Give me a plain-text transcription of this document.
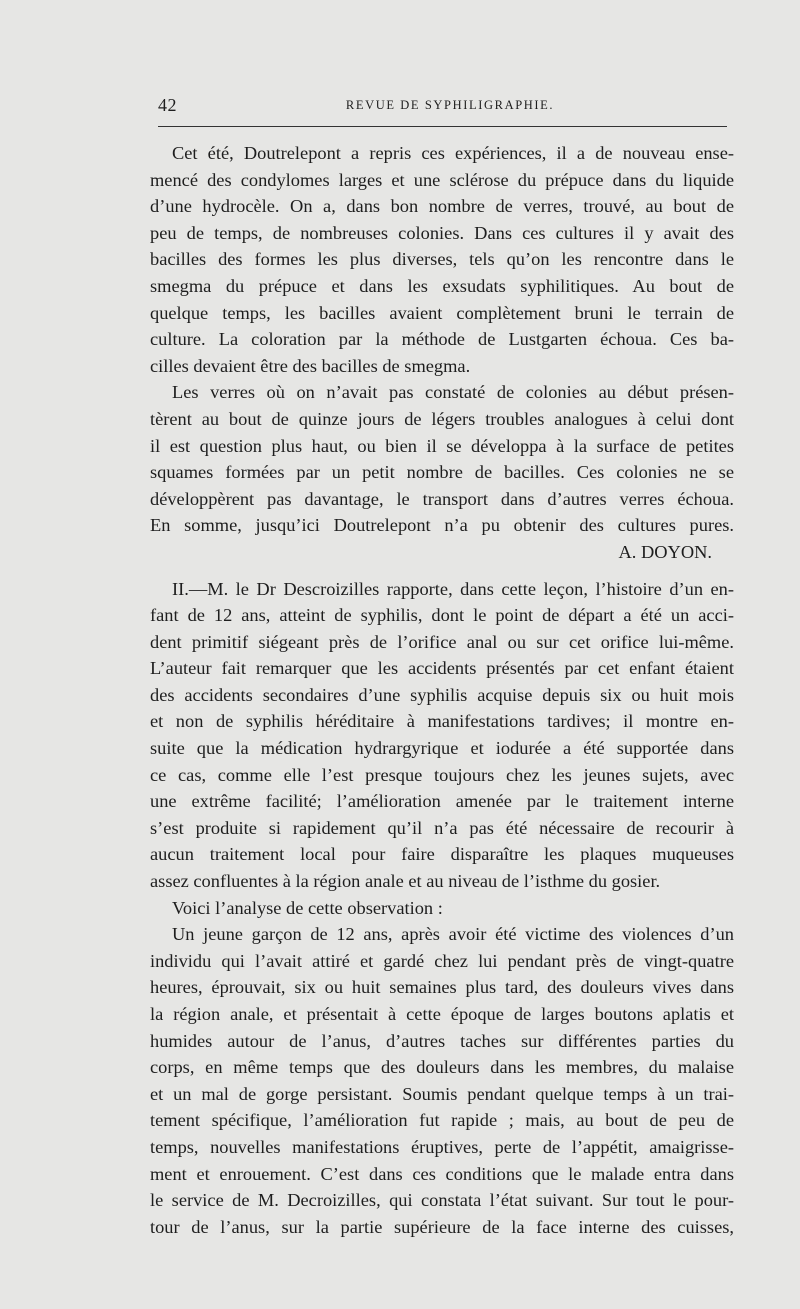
42	REVUE DE SYPHILIGRAPHIE.
Cet été, Doutrelepont a repris ces expériences, il a de nouveau ense-
mencé des condylomes larges et une sclérose du prépuce dans du liquide
d’une hydrocèle. On a, dans bon nombre de verres, trouvé, au bout de
peu de temps, de nombreuses colonies. Dans ces cultures il y avait des
bacilles des formes les plus diverses, tels qu’on les rencontre dans le
smegma du prépuce et dans les exsudats syphilitiques. Au bout de
quelque temps, les bacilles avaient complètement bruni le terrain de
culture. La coloration par la méthode de Lustgarten échoua. Ces ba-
cilles devaient être des bacilles de smegma.
Les verres où on n’avait pas constaté de colonies au début présen-
tèrent au bout de quinze jours de légers troubles analogues à celui dont
il est question plus haut, ou bien il se développa à la surface de petites
squames formées par un petit nombre de bacilles. Ces colonies ne se
développèrent pas davantage, le transport dans d’autres verres échoua.
En somme, jusqu’ici Doutrelepont n’a pu obtenir des cultures pures.
A. DOYON.
II.—M. le Dr Descroizilles rapporte, dans cette leçon, l’histoire d’un en-
fant de 12 ans, atteint de syphilis, dont le point de départ a été un acci-
dent primitif siégeant près de l’orifice anal ou sur cet orifice lui-même.
L’auteur fait remarquer que les accidents présentés par cet enfant étaient
des accidents secondaires d’une syphilis acquise depuis six ou huit mois
et non de syphilis héréditaire à manifestations tardives; il montre en-
suite que la médication hydrargyrique et iodurée a été supportée dans
ce cas, comme elle l’est presque toujours chez les jeunes sujets, avec
une extrême facilité; l’amélioration amenée par le traitement interne
s’est produite si rapidement qu’il n’a pas été nécessaire de recourir à
aucun traitement local pour faire disparaître les plaques muqueuses
assez confluentes à la région anale et au niveau de l’isthme du gosier.
Voici l’analyse de cette observation :
Un jeune garçon de 12 ans, après avoir été victime des violences d’un
individu qui l’avait attiré et gardé chez lui pendant près de vingt-quatre
heures, éprouvait, six ou huit semaines plus tard, des douleurs vives dans
la région anale, et présentait à cette époque de larges boutons aplatis et
humides autour de l’anus, d’autres taches sur différentes parties du
corps, en même temps que des douleurs dans les membres, du malaise
et un mal de gorge persistant. Soumis pendant quelque temps à un trai-
tement spécifique, l’amélioration fut rapide ; mais, au bout de peu de
temps, nouvelles manifestations éruptives, perte de l’appétit, amaigrisse-
ment et enrouement. C’est dans ces conditions que le malade entra dans
le service de M. Decroizilles, qui constata l’état suivant. Sur tout le pour-
tour de l’anus, sur la partie supérieure de la face interne des cuisses,
